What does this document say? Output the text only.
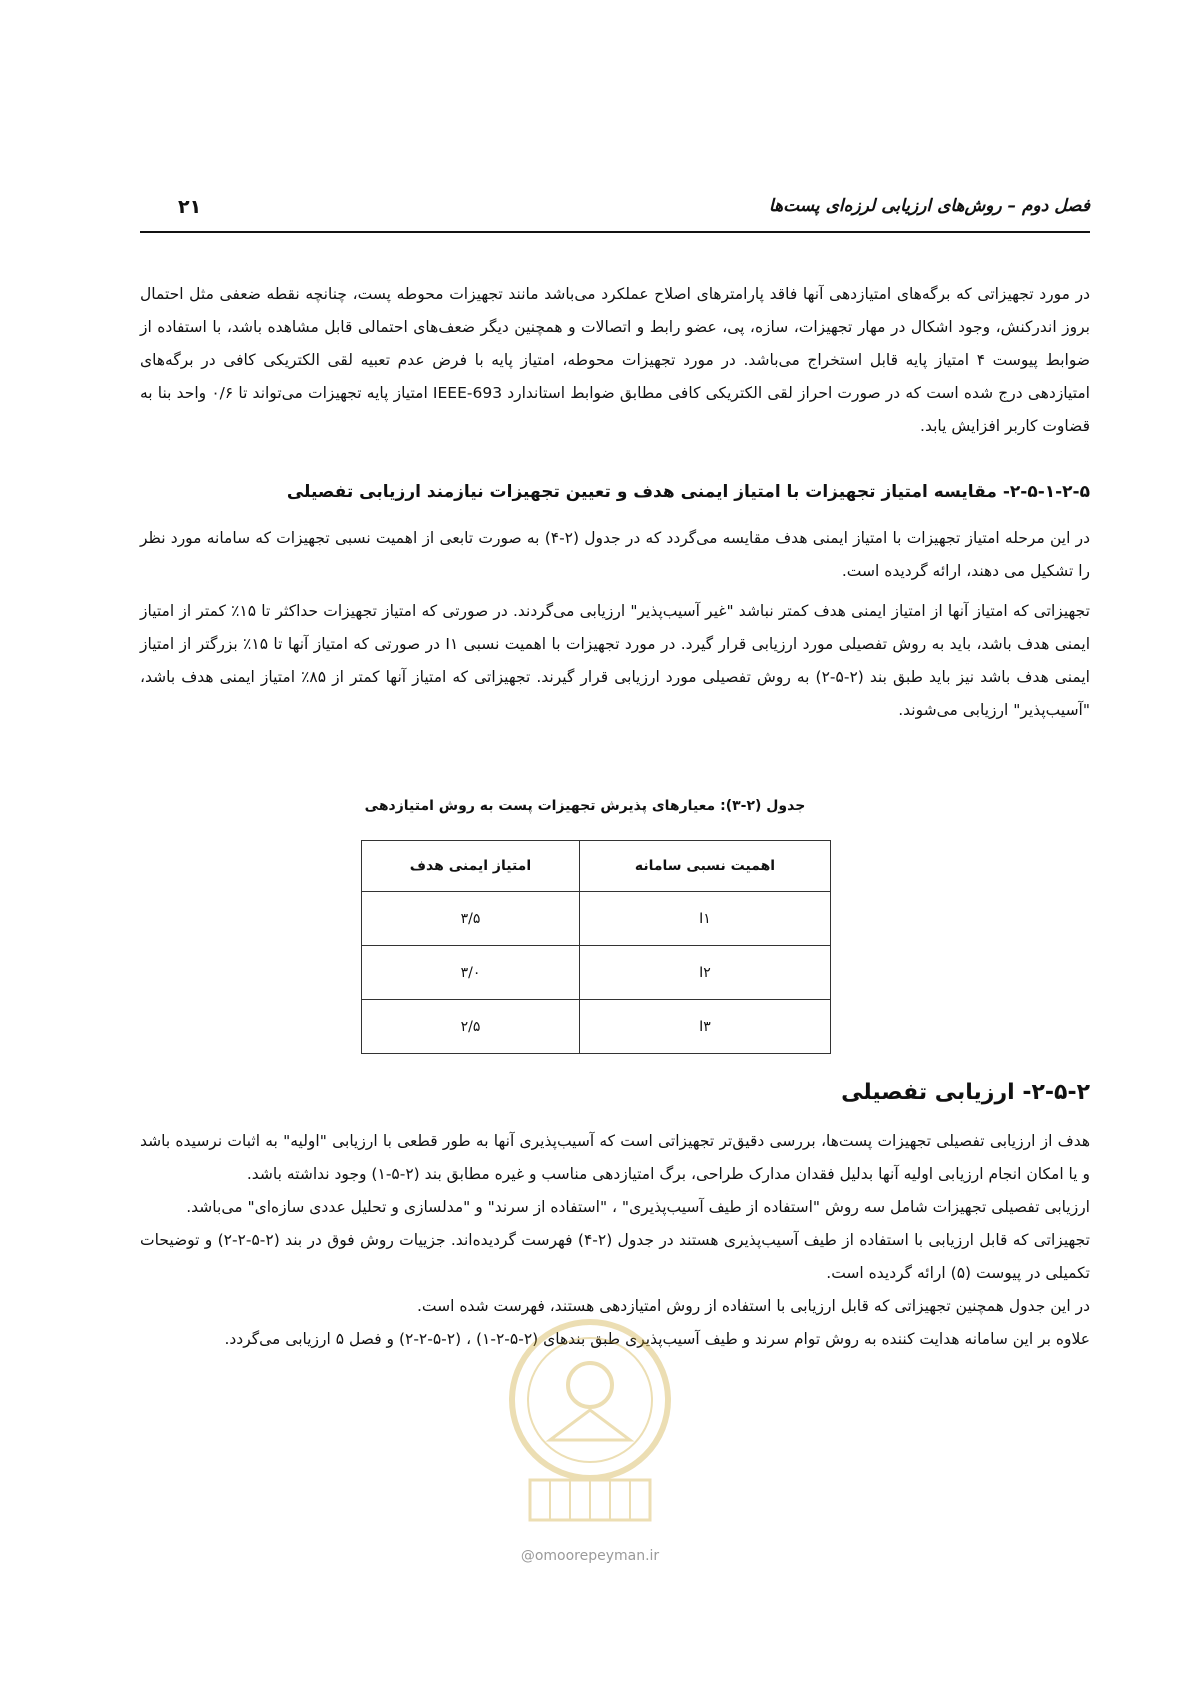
فصل دوم – روش‌های ارزیابی لرزه‌ای پست‌ها
۲۱

در مورد تجهیزاتی که برگه‌های امتیازدهی آنها فاقد پارامترهای اصلاح عملکرد می‌باشد مانند تجهیزات محوطه پست، چنانچه نقطه ضعفی مثل احتمال بروز اندرکنش، وجود اشکال در مهار تجهیزات، سازه، پی، عضو رابط و اتصالات و همچنین دیگر ضعف‌های احتمالی قابل مشاهده باشد، با استفاده از ضوابط پیوست ۴ امتیاز پایه قابل استخراج می‌باشد. در مورد تجهیزات محوطه، امتیاز پایه با فرض عدم تعبیه لقی الکتریکی کافی در برگه‌های امتیازدهی درج شده است که در صورت احراز لقی الکتریکی کافی مطابق ضوابط استاندارد IEEE-693 امتیاز پایه تجهیزات می‌تواند تا ۰/۶ واحد بنا به قضاوت کاربر افزایش یابد.

۲-۵-۱-۲-۵- مقایسه امتیاز تجهیزات با امتیاز ایمنی هدف و تعیین تجهیزات نیازمند ارزیابی تفصیلی

در این مرحله امتیاز تجهیزات با امتیاز ایمنی هدف مقایسه می‌گردد که در جدول (۲-۴) به صورت تابعی از اهمیت نسبی تجهیزات که سامانه مورد نظر را تشکیل می دهند، ارائه گردیده است.

تجهیزاتی که امتیاز آنها از امتیاز ایمنی هدف کمتر نباشد "غیر آسیب‌پذیر" ارزیابی می‌گردند. در صورتی که امتیاز تجهیزات حداکثر تا ۱۵٪ کمتر از امتیاز ایمنی هدف باشد، باید به روش تفصیلی مورد ارزیابی قرار گیرد. در مورد تجهیزات با اهمیت نسبی I۱ در صورتی که امتیاز آنها تا ۱۵٪ بزرگتر از امتیاز ایمنی هدف باشد نیز باید طبق بند (۲-۵-۲) به روش تفصیلی مورد ارزیابی قرار گیرند. تجهیزاتی که امتیاز آنها کمتر از ۸۵٪ امتیاز ایمنی هدف باشد، "آسیب‌پذیر" ارزیابی می‌شوند.

جدول (۲-۳): معیارهای پذیرش تجهیزات پست به روش امتیازدهی
اهمیت نسبی سامانه	امتیاز ایمنی هدف
I۱	۳/۵
I۲	۳/۰
I۳	۲/۵
۲-۵-۲- ارزیابی تفصیلی

هدف از ارزیابی تفصیلی تجهیزات پست‌ها، بررسی دقیق‌تر تجهیزاتی است که آسیب‌پذیری آنها به طور قطعی با ارزیابی "اولیه" به اثبات نرسیده باشد و یا امکان انجام ارزیابی اولیه آنها بدلیل فقدان مدارک طراحی، برگ امتیازدهی مناسب و غیره مطابق بند (۲-۵-۱) وجود نداشته باشد.

ارزیابی تفصیلی تجهیزات شامل سه روش "استفاده از طیف آسیب‌پذیری" ، "استفاده از سرند" و "مدلسازی و تحلیل عددی سازه‌ای" می‌باشد.

تجهیزاتی که قابل ارزیابی با استفاده از طیف آسیب‌پذیری هستند در جدول (۲-۴) فهرست گردیده‌اند. جزییات روش فوق در بند (۲-۵-۲-۲) و توضیحات تکمیلی در پیوست (۵) ارائه گردیده است.

در این جدول همچنین تجهیزاتی که قابل ارزیابی با استفاده از روش امتیازدهی هستند، فهرست شده است.

علاوه بر این سامانه هدایت کننده به روش توام سرند و طیف آسیب‌پذیری طبق بندهای (۲-۵-۲-۱) ، (۲-۵-۲-۲) و فصل ۵ ارزیابی می‌گردد.

@omoorepeyman.ir
